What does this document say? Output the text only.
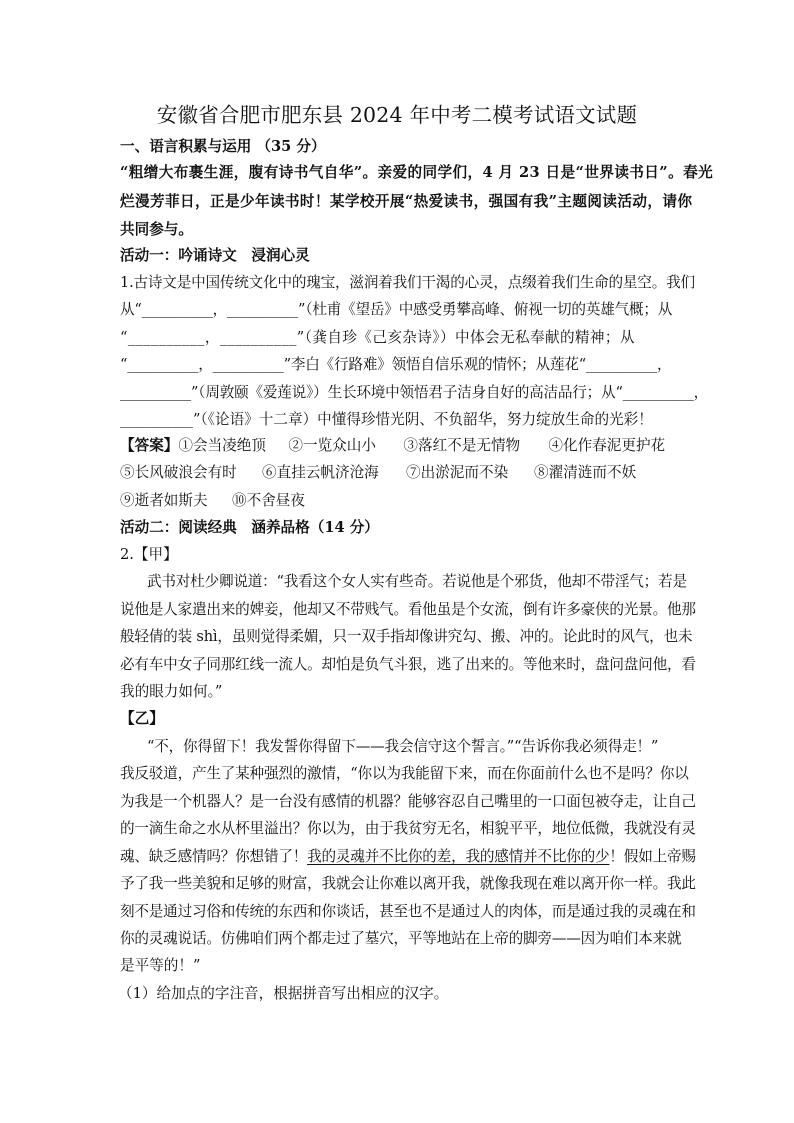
安徽省合肥市肥东县 2024 年中考二模考试语文试题
一、语言积累与运用 （35 分）
“粗缯大布裹生涯，腹有诗书气自华”。亲爱的同学们，4 月 23 日是“世界读书日”。春光
烂漫芳菲日，正是少年读书时！某学校开展“热爱读书，强国有我”主题阅读活动，请你
共同参与。
活动一：吟诵诗文　浸润心灵
1.古诗文是中国传统文化中的瑰宝，滋润着我们干渴的心灵，点缀着我们生命的星空。我们
从“__________，__________”（杜甫《望岳》中感受勇攀高峰、俯视一切的英雄气概；从
“__________，__________”（龚自珍《己亥杂诗》）中体会无私奉献的精神；从
“__________，__________”李白《行路难》领悟自信乐观的情怀；从莲花“__________，
__________”（周敦颐《爱莲说》）生长环境中领悟君子洁身自好的高洁品行；从“__________，
__________”（《论语》十二章）中懂得珍惜光阴、不负韶华，努力绽放生命的光彩！
【答案】①会当凌绝顶 ②一览众山小 ③落红不是无情物 ④化作春泥更护花
⑤长风破浪会有时 ⑥直挂云帆济沧海 ⑦出淤泥而不染 ⑧濯清涟而不妖
⑨逝者如斯夫 ⑩不舍昼夜
活动二：阅读经典　涵养品格（14 分）
2.【甲】
武书对杜少卿说道：“我看这个女人实有些奇。若说他是个邪货，他却不带淫气；若是
说他是人家遣出来的婢妾，他却又不带贱气。看他虽是个女流，倒有许多豪侠的光景。他那
般轻倩的装 shì，虽则觉得柔媚，只一双手指却像讲究勾、搬、冲的。论此时的风气，也未
必有车中女子同那红线一流人。却怕是负气斗狠，逃了出来的。等他来时，盘问盘问他，看
我的眼力如何。”
【乙】
“不，你得留下！我发誓你得留下——我会信守这个誓言。”“告诉你我必须得走！”
我反驳道，产生了某种强烈的激情，“你以为我能留下来，而在你面前什么也不是吗？你以
为我是一个机器人？是一台没有感情的机器？能够容忍自己嘴里的一口面包被夺走，让自己
的一滴生命之水从杯里溢出？你以为，由于我贫穷无名，相貌平平，地位低微，我就没有灵
魂、缺乏感情吗？你想错了！我的灵魂并不比你的差，我的感情并不比你的少！假如上帝赐
予了我一些美貌和足够的财富，我就会让你难以离开我，就像我现在难以离开你一样。我此
刻不是通过习俗和传统的东西和你谈话，甚至也不是通过人的肉体，而是通过我的灵魂在和
你的灵魂说话。仿佛咱们两个都走过了墓穴，平等地站在上帝的脚旁——因为咱们本来就
是平等的！”
（1）给加点的字注音，根据拼音写出相应的汉字。
